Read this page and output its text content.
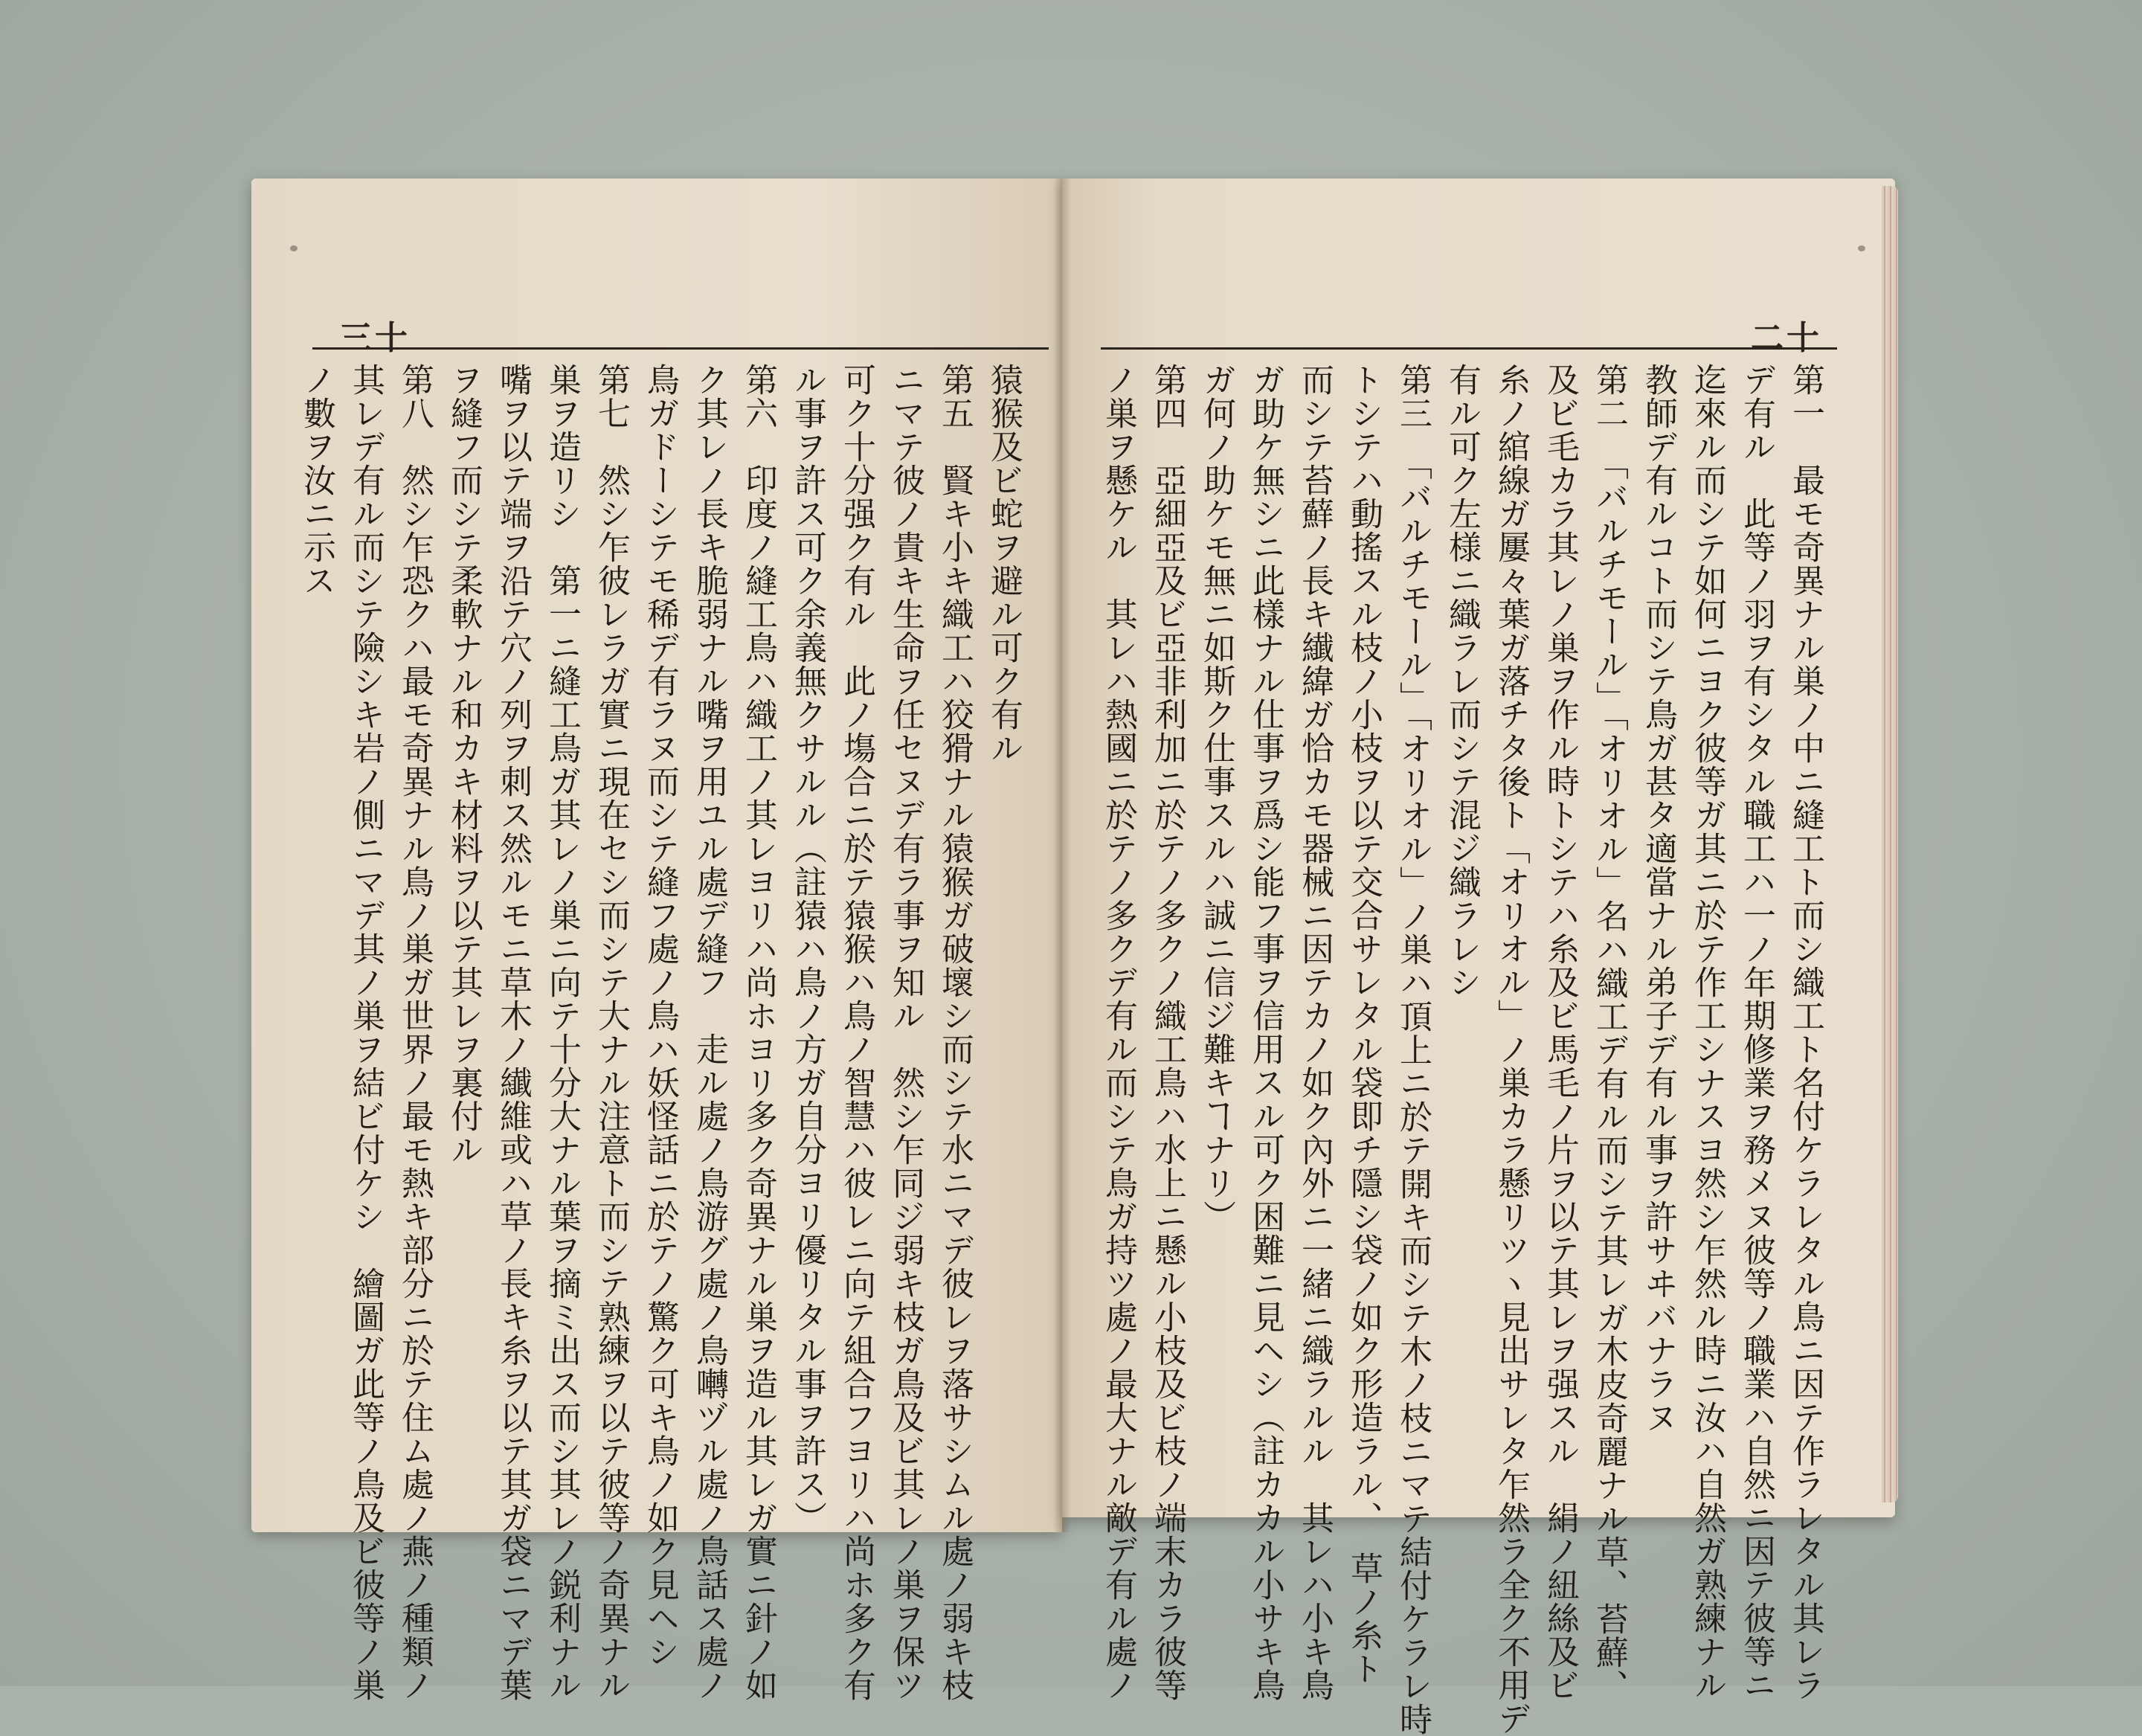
三十	二十
猿猴及ビ蛇ヲ避ル可ク有ル
第五　賢キ小キ織工ハ狡猾ナル猿猴ガ破壞シ而シテ水ニマデ彼レヲ落サシムル處ノ弱キ枝
ニマテ彼ノ貴キ生命ヲ任セヌデ有ラ事ヲ知ル　然シ乍同ジ弱キ枝ガ鳥及ビ其レノ巣ヲ保ツ
可ク十分强ク有ル　此ノ塲合ニ於テ猿猴ハ鳥ノ智慧ハ彼レニ向テ組合フヨリハ尚ホ多ク有
ル事ヲ許ス可ク余義無クサルル（註猿ハ鳥ノ方ガ自分ヨリ優リタル事ヲ許ス）
第六　印度ノ縫工鳥ハ織工ノ其レヨリハ尚ホヨリ多ク奇異ナル巣ヲ造ル其レガ實ニ針ノ如
ク其レノ長キ脆弱ナル嘴ヲ用ユル處デ縫フ　走ル處ノ鳥游グ處ノ鳥囀ヅル處ノ鳥話ス處ノ
鳥ガドーシテモ稀デ有ラヌ而シテ縫フ處ノ鳥ハ妖怪話ニ於テノ驚ク可キ鳥ノ如ク見ヘシ
第七　然シ乍彼レラガ實ニ現在セシ而シテ大ナル注意ト而シテ熟練ヲ以テ彼等ノ奇異ナル
巣ヲ造リシ　第一ニ縫工鳥ガ其レノ巣ニ向テ十分大ナル葉ヲ摘ミ出ス而シ其レノ鋭利ナル
嘴ヲ以テ端ヲ沿テ穴ノ列ヲ刺ス然ルモニ草木ノ纎維或ハ草ノ長キ糸ヲ以テ其ガ袋ニマデ葉
ヲ縫フ而シテ柔軟ナル和カキ材料ヲ以テ其レヲ裏付ル
第八　然シ乍恐クハ最モ奇異ナル鳥ノ巣ガ世界ノ最モ熱キ部分ニ於テ住ム處ノ燕ノ種類ノ
其レデ有ル而シテ險シキ岩ノ側ニマデ其ノ巣ヲ結ビ付ケシ　繪圖ガ此等ノ鳥及ビ彼等ノ巣
ノ數ヲ汝ニ示ス	第一　最モ奇異ナル巣ノ中ニ縫工ト而シ織工ト名付ケラレタル鳥ニ因テ作ラレタル其レラ
デ有ル　此等ノ羽ヲ有シタル職工ハ一ノ年期修業ヲ務メヌ彼等ノ職業ハ自然ニ因テ彼等ニ
迄來ル而シテ如何ニヨク彼等ガ其ニ於テ作工シナスヨ然シ乍然ル時ニ汝ハ自然ガ熟練ナル
教師デ有ルコト而シテ鳥ガ甚タ適當ナル弟子デ有ル事ヲ許サヰバナラヌ
第二　「バルチモール」「オリオル」名ハ織工デ有ル而シテ其レガ木皮奇麗ナル草、苔蘚、
及ビ毛カラ其レノ巣ヲ作ル時トシテハ糸及ビ馬毛ノ片ヲ以テ其レヲ强スル　絹ノ紐絲及ビ
糸ノ綰線ガ屢々葉ガ落チタ後ト「オリオル」ノ巣カラ懸リツヽ見出サレタ乍然ラ全ク不用デ
有ル可ク左様ニ織ラレ而シテ混ジ織ラレシ
第三　「バルチモール」「オリオル」ノ巣ハ頂上ニ於テ開キ而シテ木ノ枝ニマテ結付ケラレ時
トシテハ動搖スル枝ノ小枝ヲ以テ交合サレタル袋即チ隱シ袋ノ如ク形造ラル、　草ノ糸ト
而シテ苔蘚ノ長キ纎緯ガ恰カモ器械ニ因テカノ如ク內外ニ一緒ニ織ラルル　其レハ小キ鳥
ガ助ケ無シニ此樣ナル仕事ヲ爲シ能フ事ヲ信用スル可ク困難ニ見ヘシ（註カカル小サキ鳥
ガ何ノ助ケモ無ニ如斯ク仕事スルハ誠ニ信ジ難キヿナリ）
第四　亞細亞及ビ亞非利加ニ於テノ多クノ織工鳥ハ水上ニ懸ル小枝及ビ枝ノ端末カラ彼等
ノ巣ヲ懸ケル　其レハ熱國ニ於テノ多クデ有ル而シテ鳥ガ持ツ處ノ最大ナル敵デ有ル處ノ
